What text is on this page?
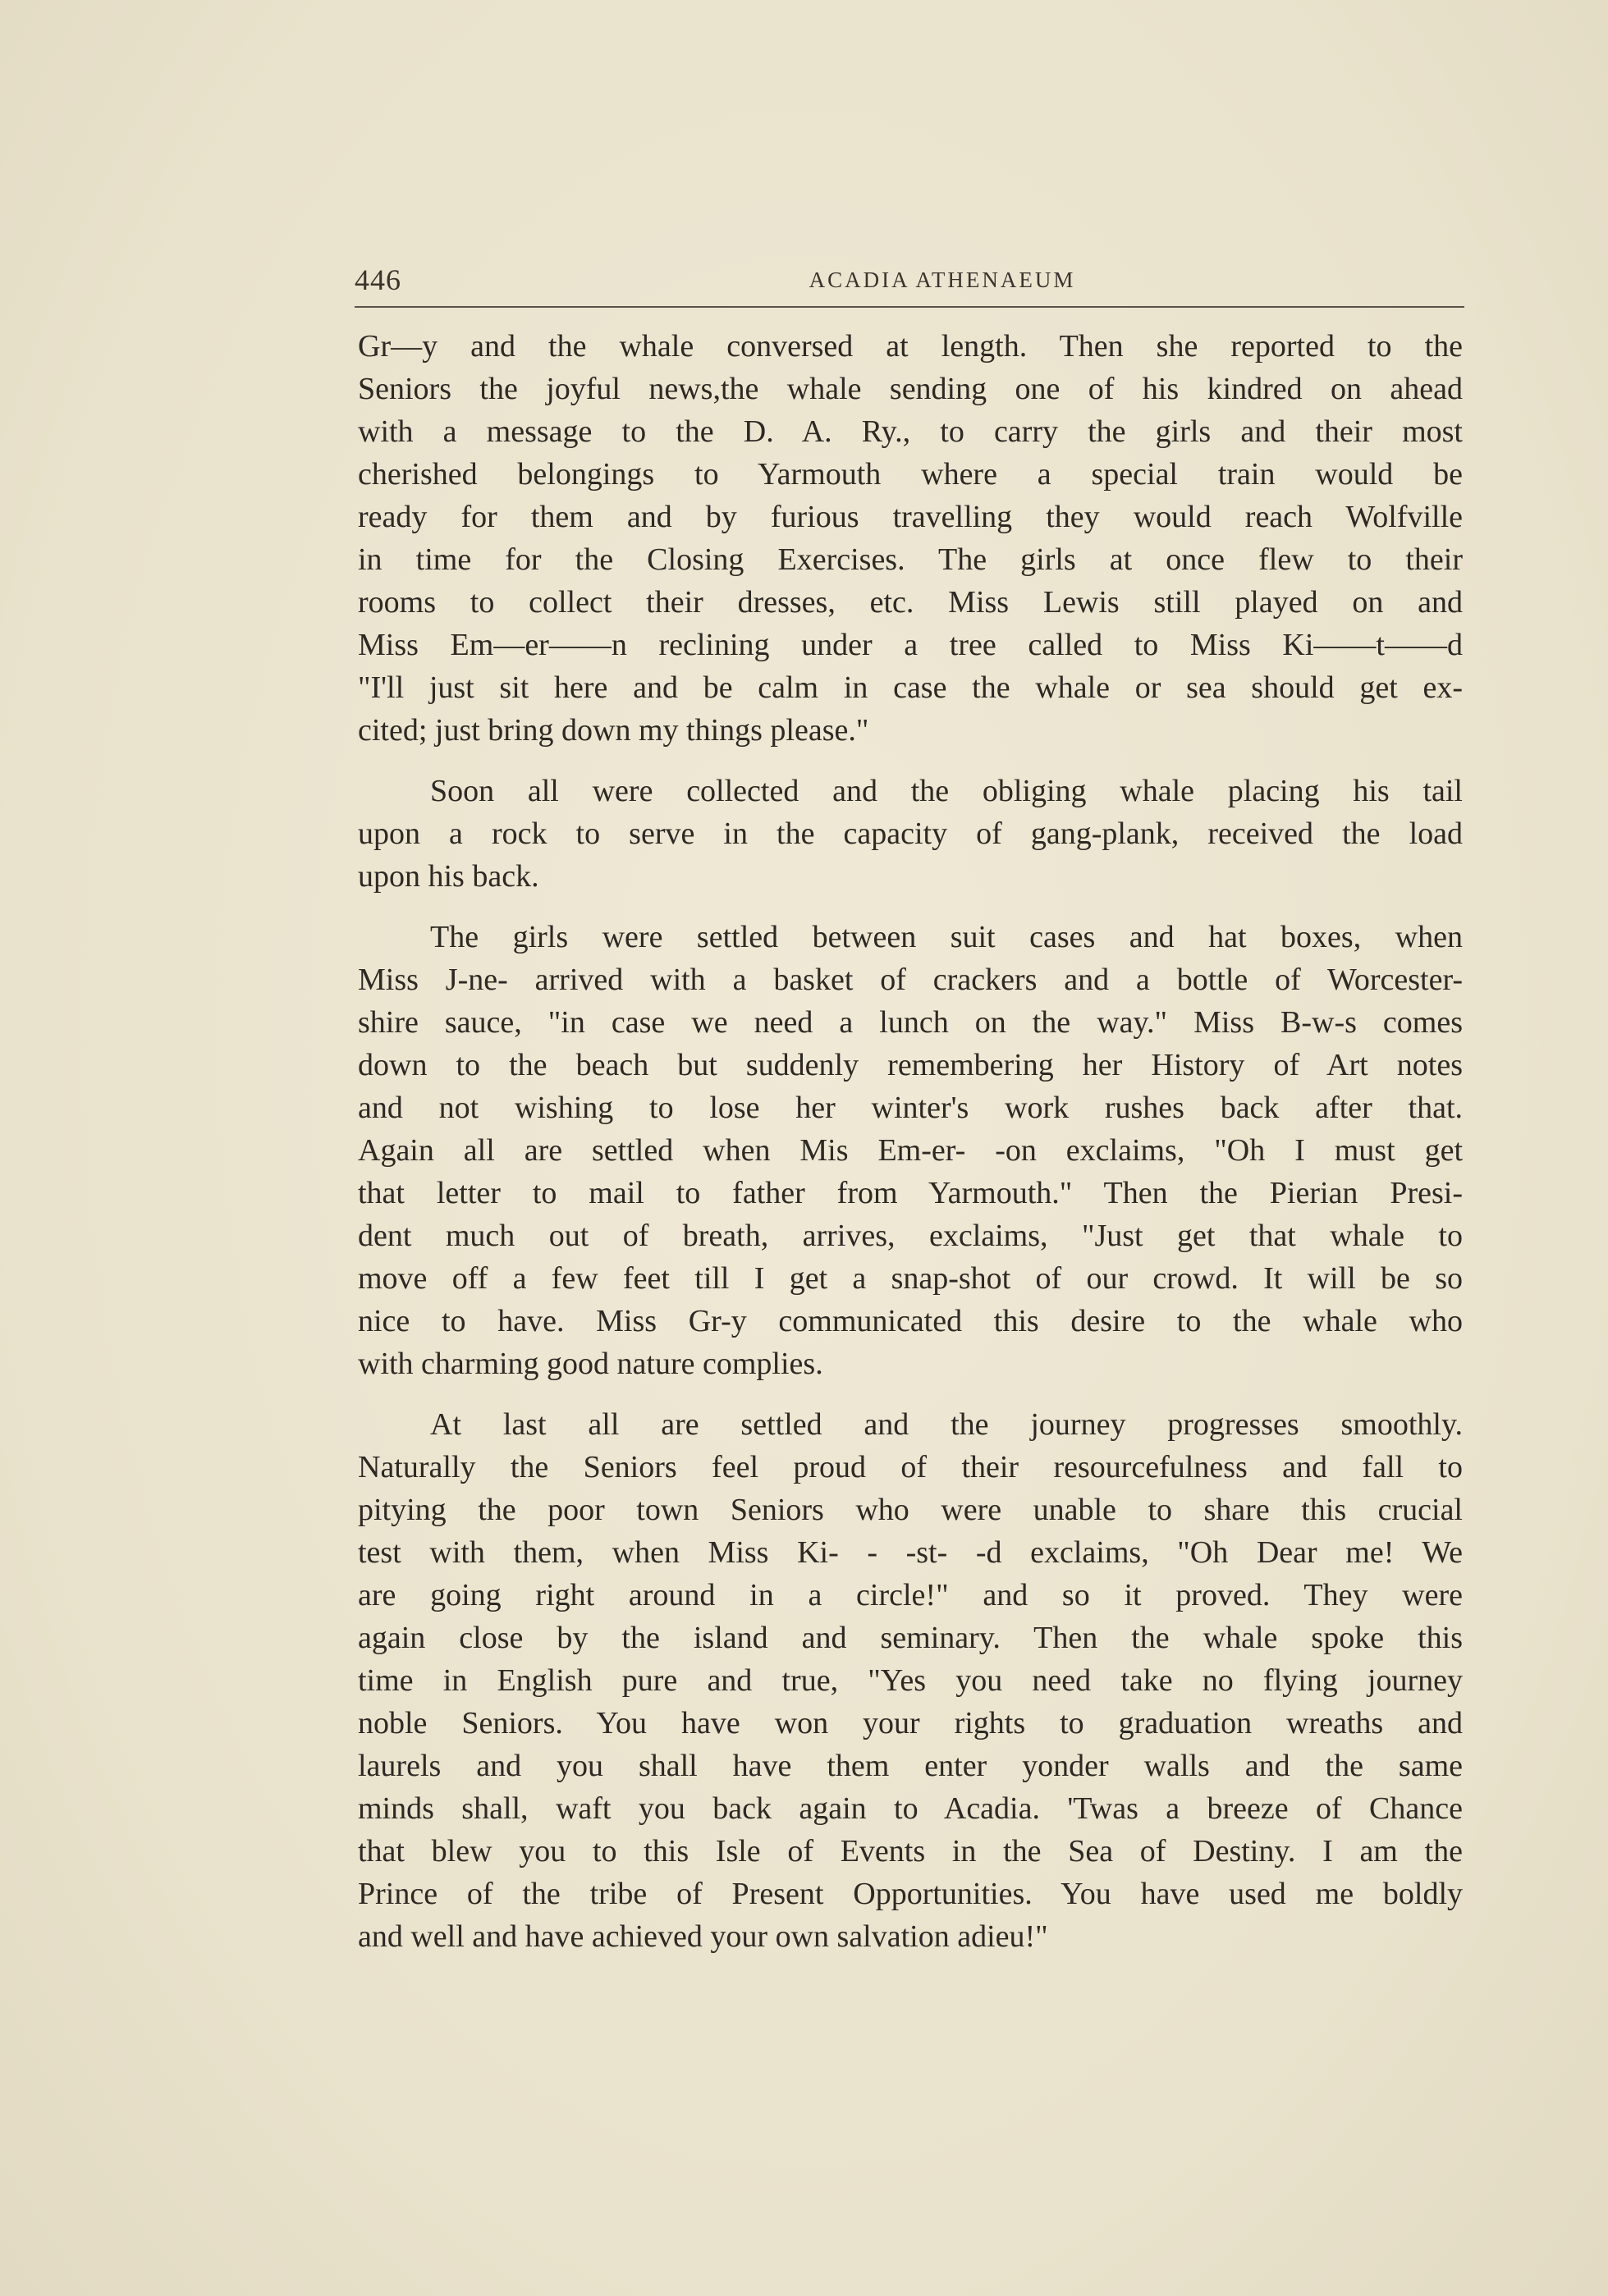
446	ACADIA ATHENAEUM

Gr—y and the whale conversed at length. Then she reported to the
Seniors the joyful news,the whale sending one of his kindred on ahead
with a message to the D. A. Ry., to carry the girls and their most
cherished belongings to Yarmouth where a special train would be
ready for them and by furious travelling they would reach Wolfville
in time for the Closing Exercises. The girls at once flew to their
rooms to collect their dresses, etc. Miss Lewis still played on and
Miss Em—er——n reclining under a tree called to Miss Ki——t——d
"I'll just sit here and be calm in case the whale or sea should get ex-
cited; just bring down my things please."

Soon all were collected and the obliging whale placing his tail
upon a rock to serve in the capacity of gang-plank, received the load
upon his back.

The girls were settled between suit cases and hat boxes, when
Miss J-ne- arrived with a basket of crackers and a bottle of Worcester-
shire sauce, "in case we need a lunch on the way." Miss B-w-s comes
down to the beach but suddenly remembering her History of Art notes
and not wishing to lose her winter's work rushes back after that.
Again all are settled when Mis Em-er- -on exclaims, "Oh I must get
that letter to mail to father from Yarmouth." Then the Pierian Presi-
dent much out of breath, arrives, exclaims, "Just get that whale to
move off a few feet till I get a snap-shot of our crowd. It will be so
nice to have. Miss Gr-y communicated this desire to the whale who
with charming good nature complies.

At last all are settled and the journey progresses smoothly.
Naturally the Seniors feel proud of their resourcefulness and fall to
pitying the poor town Seniors who were unable to share this crucial
test with them, when Miss Ki- - -st- -d exclaims, "Oh Dear me! We
are going right around in a circle!" and so it proved. They were
again close by the island and seminary. Then the whale spoke this
time in English pure and true, "Yes you need take no flying journey
noble Seniors. You have won your rights to graduation wreaths and
laurels and you shall have them enter yonder walls and the same
minds shall, waft you back again to Acadia. 'Twas a breeze of Chance
that blew you to this Isle of Events in the Sea of Destiny. I am the
Prince of the tribe of Present Opportunities. You have used me boldly
and well and have achieved your own salvation adieu!"
